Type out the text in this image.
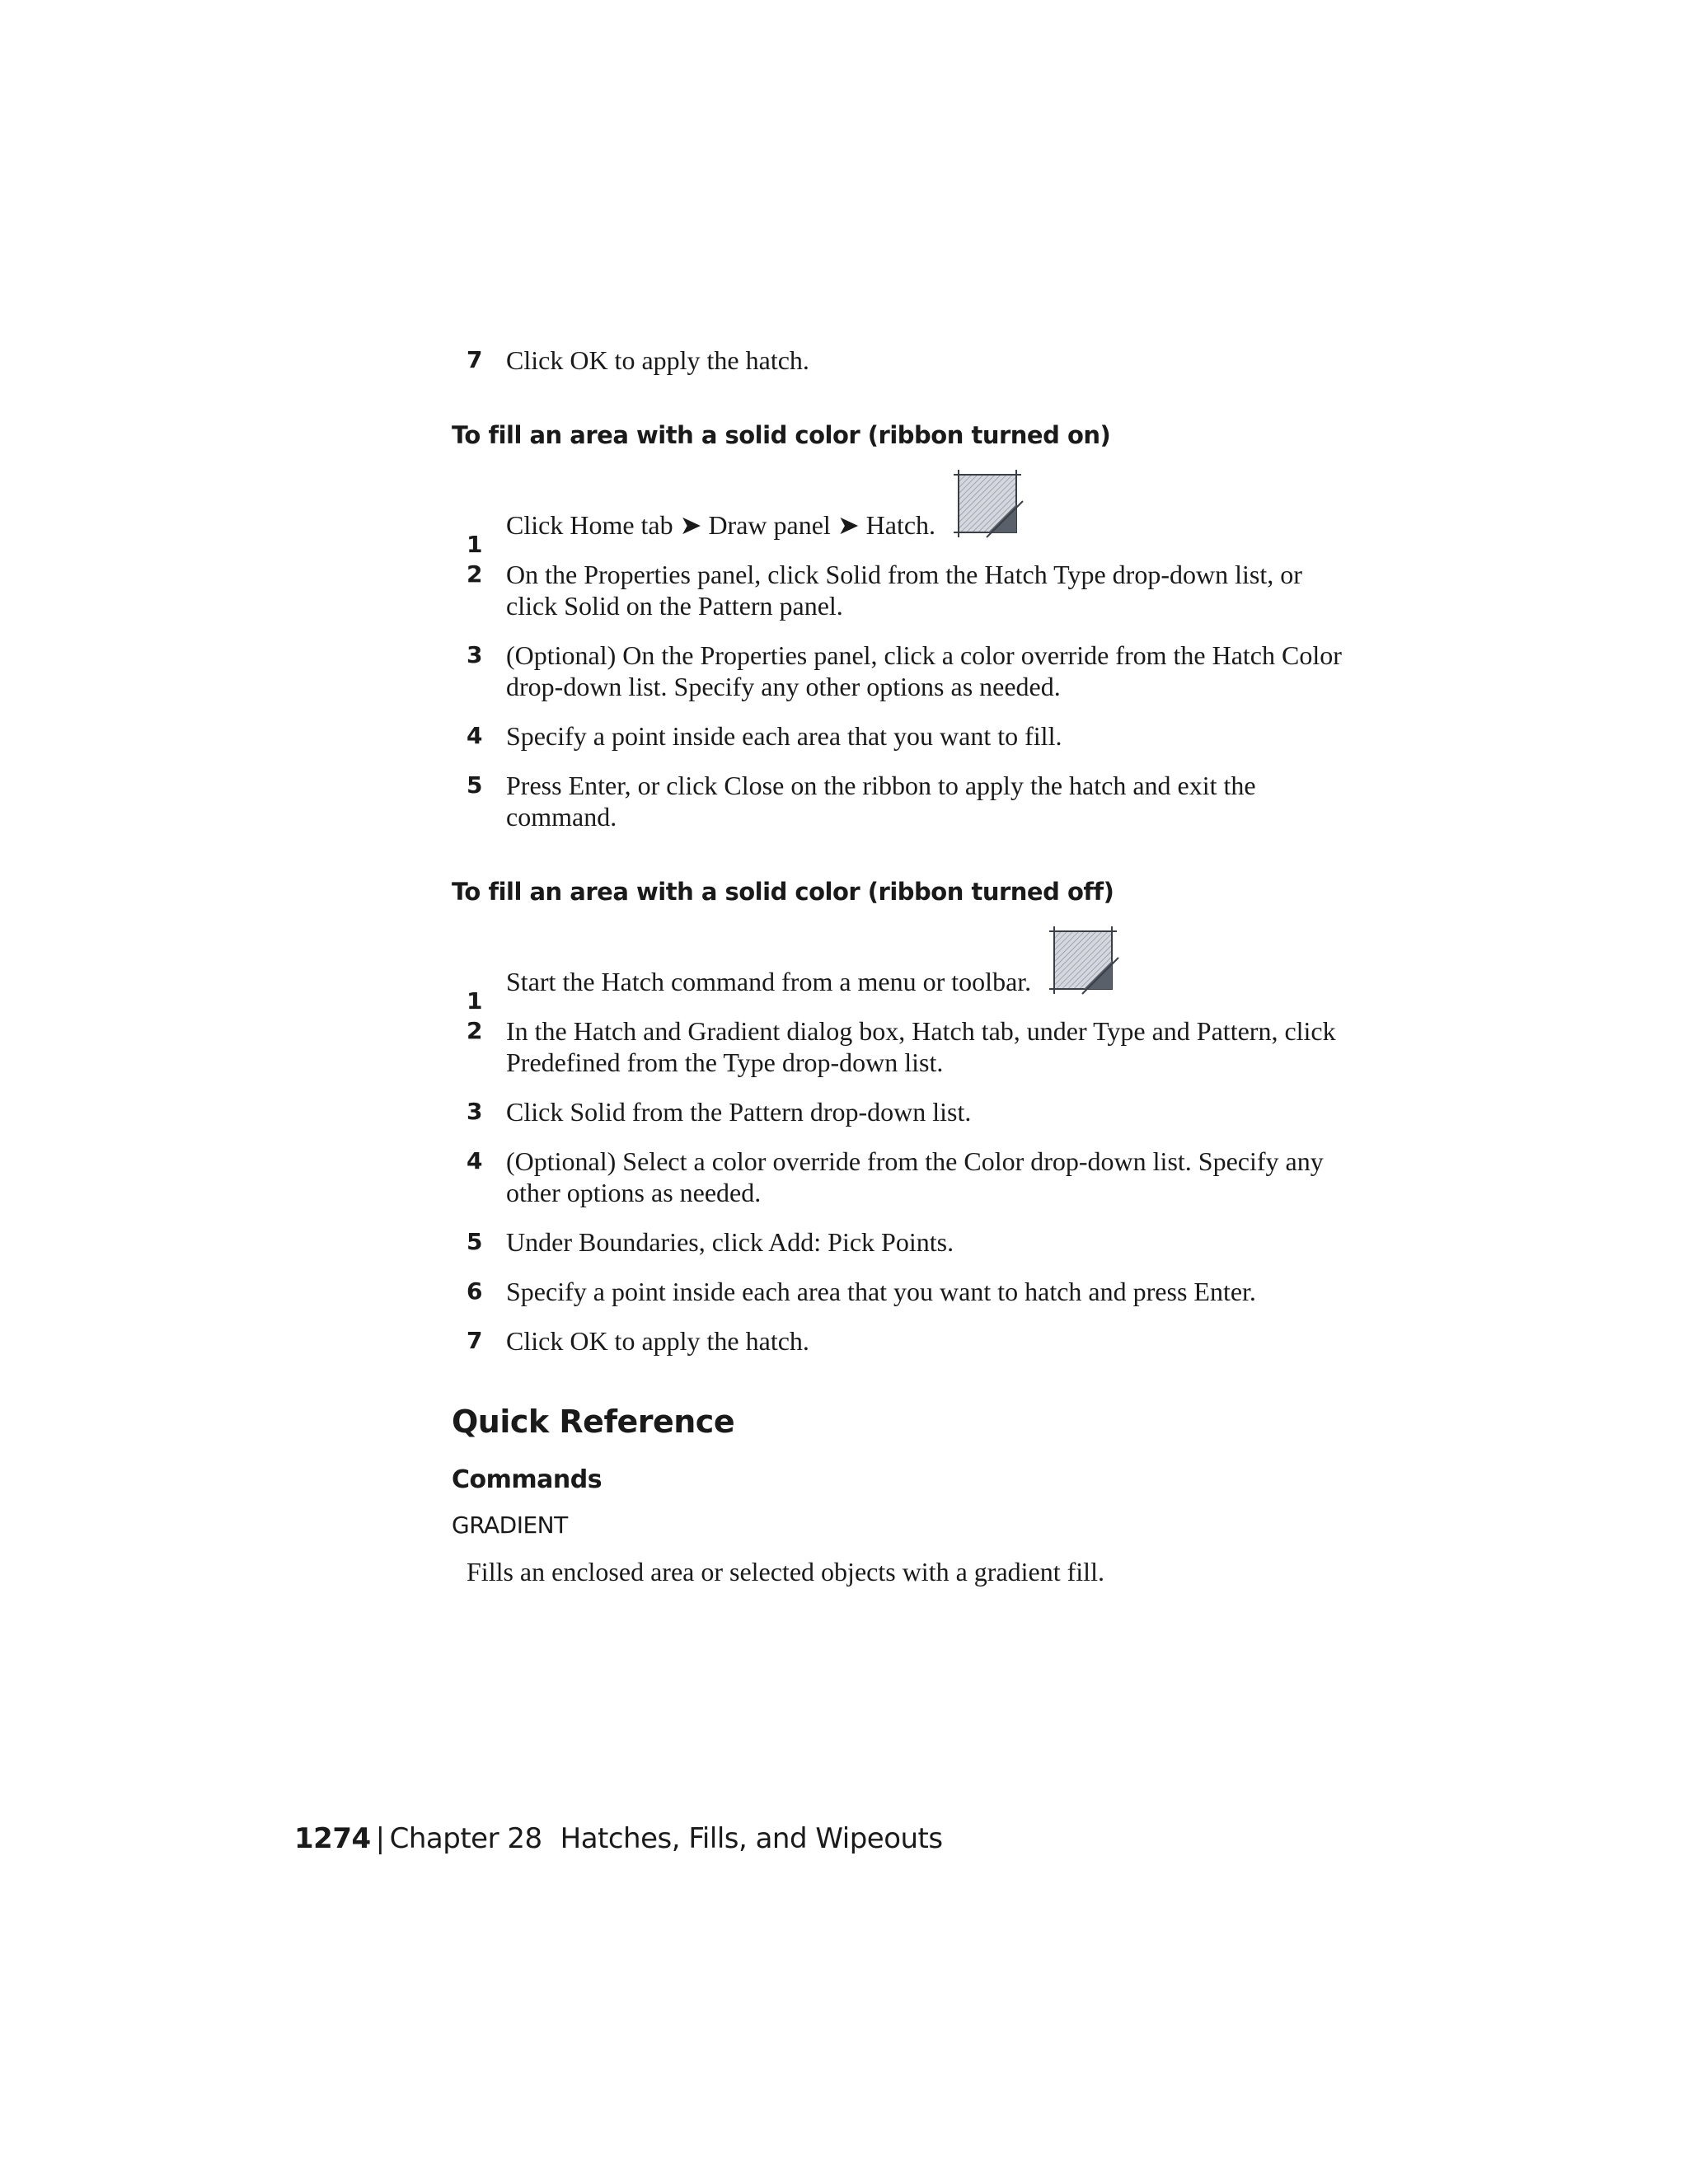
7 Click OK to apply the hatch.
To fill an area with a solid color (ribbon turned on)
1
Click Home tab ➤ Draw panel ➤ Hatch.
2 On the Properties panel, click Solid from the Hatch Type drop-down list, or click Solid on the Pattern panel.
3 (Optional) On the Properties panel, click a color override from the Hatch Color drop-down list. Specify any other options as needed.
4 Specify a point inside each area that you want to fill.
5 Press Enter, or click Close on the ribbon to apply the hatch and exit the command.
To fill an area with a solid color (ribbon turned off)
1
Start the Hatch command from a menu or toolbar.
2 In the Hatch and Gradient dialog box, Hatch tab, under Type and Pattern, click Predefined from the Type drop-down list.
3 Click Solid from the Pattern drop-down list.
4 (Optional) Select a color override from the Color drop-down list. Specify any other options as needed.
5 Under Boundaries, click Add: Pick Points.
6 Specify a point inside each area that you want to hatch and press Enter.
7 Click OK to apply the hatch.
Quick Reference
Commands
GRADIENT
Fills an enclosed area or selected objects with a gradient fill.
1274 | Chapter 28 Hatches, Fills, and Wipeouts
